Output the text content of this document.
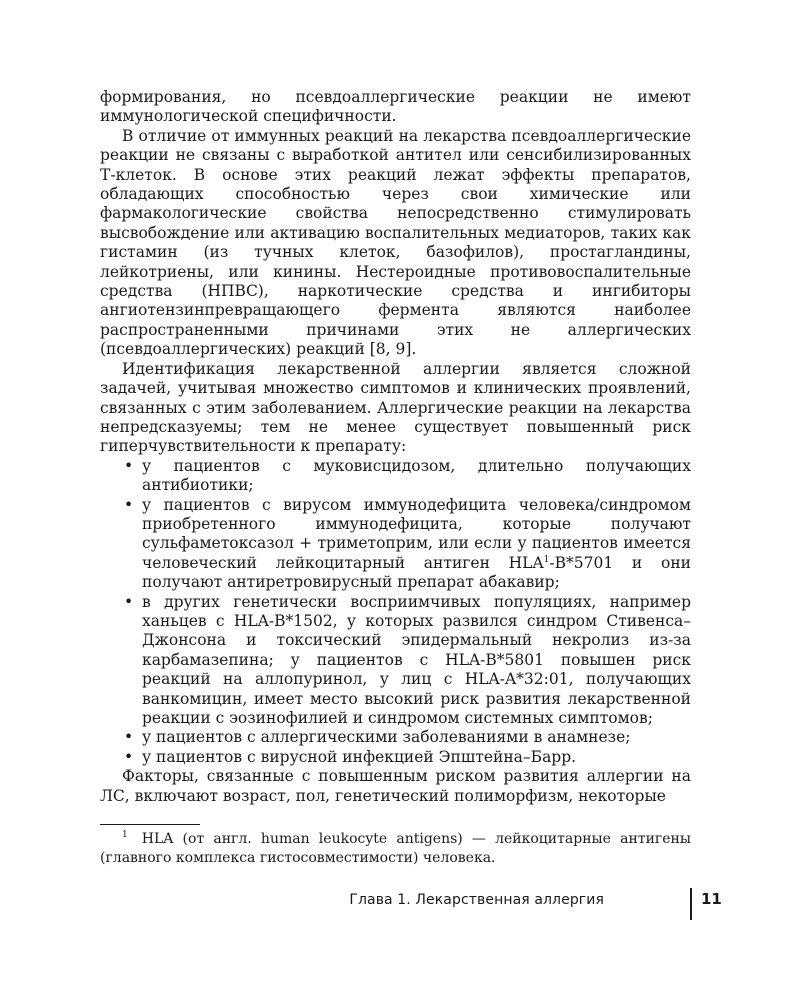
формирования, но псевдоаллергические реакции не имеют иммунологической специфичности.

В отличие от иммунных реакций на лекарства псевдоаллергические реакции не связаны с выработкой антител или сенсибилизированных Т-клеток. В основе этих реакций лежат эффекты препаратов, обладающих способностью через свои химические или фармакологические свойства непосредственно стимулировать высвобождение или активацию воспалительных медиаторов, таких как гистамин (из тучных клеток, базофилов), простагландины, лейкотриены, или кинины. Нестероидные противовоспалительные средства (НПВС), наркотические средства и ингибиторы ангиотензинпревращающего фермента являются наиболее распространенными причинами этих не аллергических (псевдоаллергических) реакций [8, 9].

Идентификация лекарственной аллергии является сложной задачей, учитывая множество симптомов и клинических проявлений, связанных с этим заболеванием. Аллергические реакции на лекарства непредсказуемы; тем не менее существует повышенный риск гиперчувствительности к препарату:

• у пациентов с муковисцидозом, длительно получающих антибиотики;
• у пациентов с вирусом иммунодефицита человека/синдромом приобретенного иммунодефицита, которые получают сульфаметоксазол + триметоприм, или если у пациентов имеется человеческий лейкоцитарный антиген HLA$^1$-B*5701 и они получают антиретровирусный препарат абакавир;
• в других генетически восприимчивых популяциях, например ханьцев с HLA-B*1502, у которых развился синдром Стивенса–Джонсона и токсический эпидермальный некролиз из-за карбамазепина; у пациентов с HLA-B*5801 повышен риск реакций на аллопуринол, у лиц с HLA-A*32:01, получающих ванкомицин, имеет место высокий риск развития лекарственной реакции с эозинофилией и синдромом системных симптомов;
• у пациентов с аллергическими заболеваниями в анамнезе;
• у пациентов с вирусной инфекцией Эпштейна–Барр.

Факторы, связанные с повышенным риском развития аллергии на ЛС, включают возраст, пол, генетический полиморфизм, некоторые

$^1$ HLA (от англ. human leukocyte antigens) — лейкоцитарные антигены (главного комплекса гистосовместимости) человека.
Глава 1. Лекарственная аллергия	11
